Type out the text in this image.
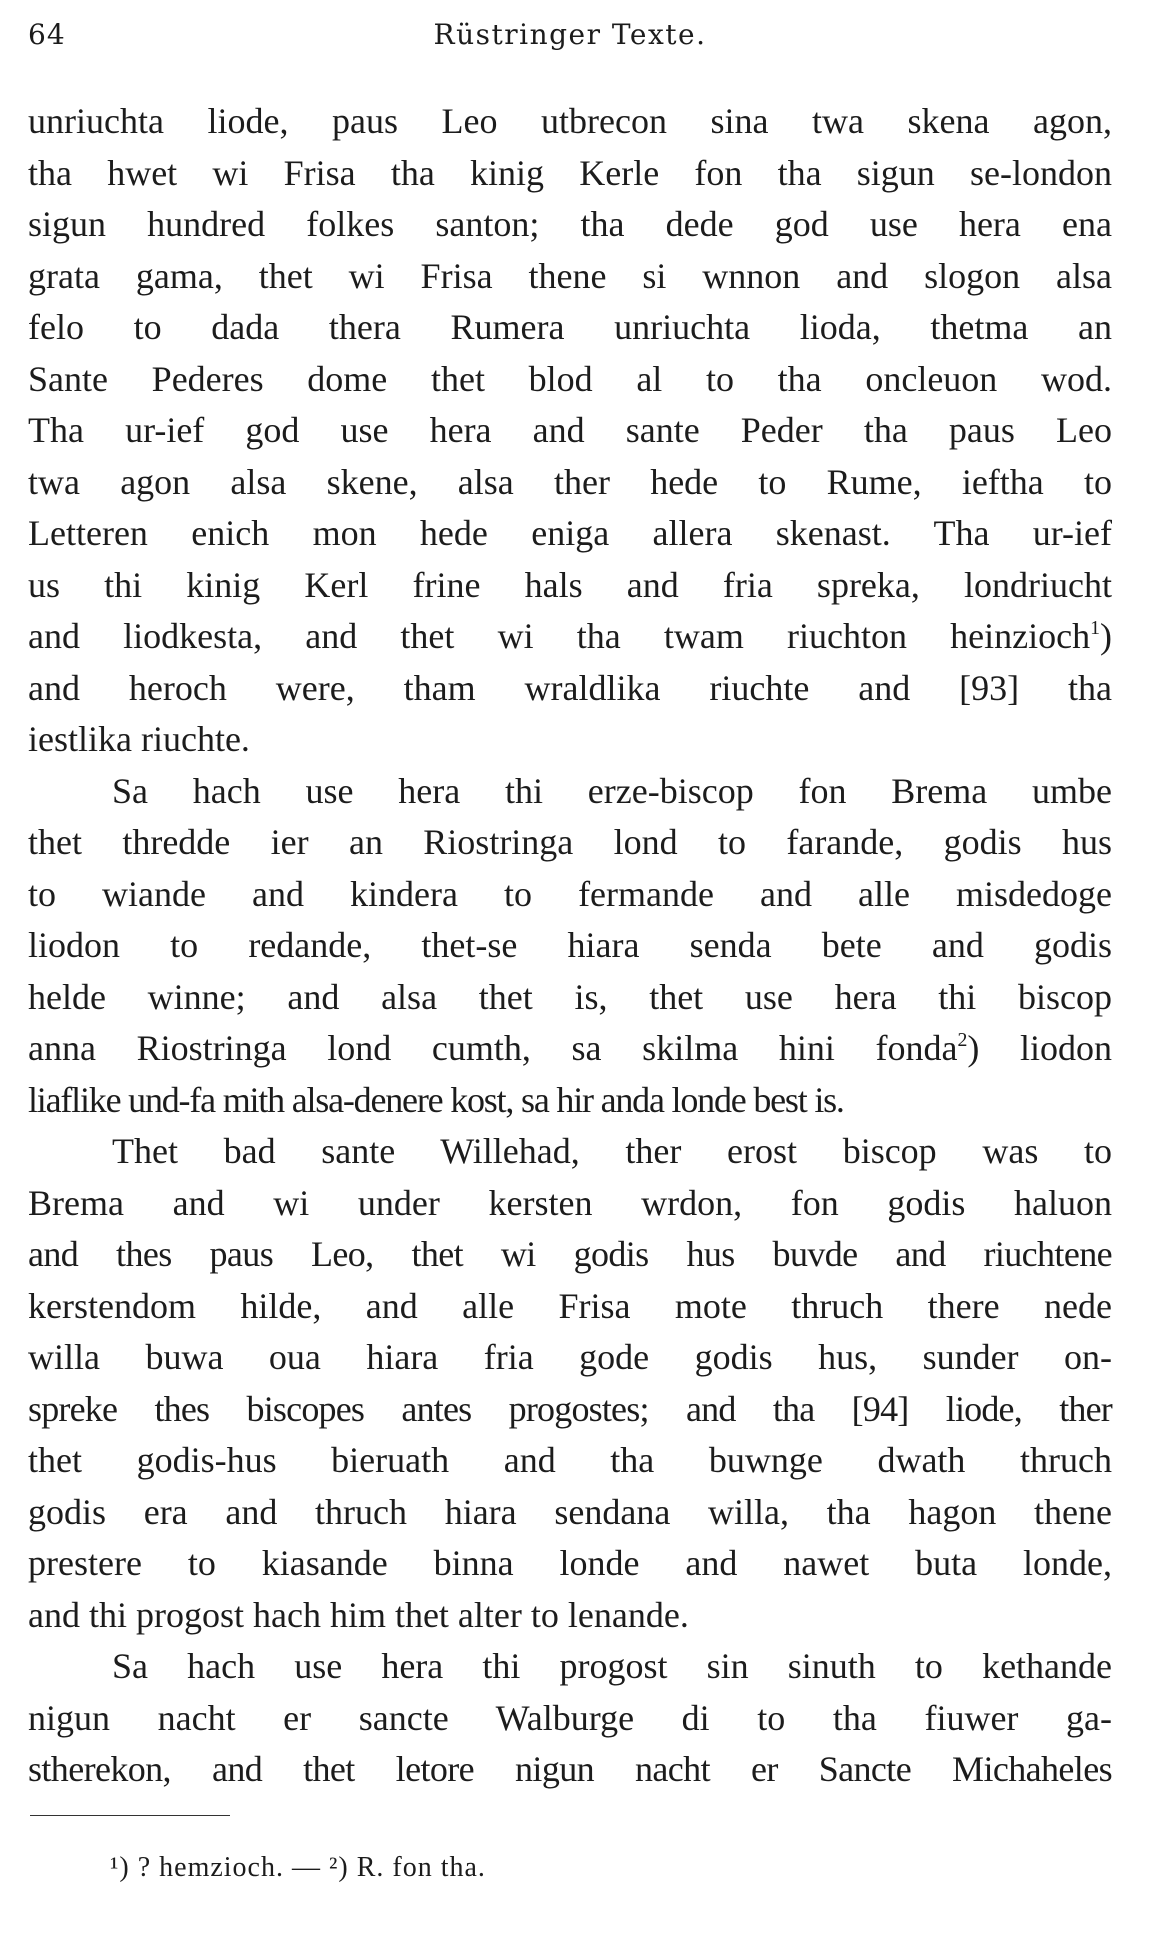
64	Rüstringer Texte.

unriuchta liode, paus Leo utbrecon sina twa skena agon,
tha hwet wi Frisa tha kinig Kerle fon tha sigun se-london
sigun hundred folkes santon; tha dede god use hera ena
grata gama, thet wi Frisa thene si wnnon and slogon alsa
felo to dada thera Rumera unriuchta lioda, thetma an
Sante Pederes dome thet blod al to tha oncleuon wod.
Tha ur-ief god use hera and sante Peder tha paus Leo
twa agon alsa skene, alsa ther hede to Rume, ieftha to
Letteren enich mon hede eniga allera skenast. Tha ur-ief
us thi kinig Kerl frine hals and fria spreka, londriucht
and liodkesta, and thet wi tha twam riuchton heinzioch$^1$)
and heroch were, tham wraldlika riuchte and [93] tha
iestlika riuchte.

Sa hach use hera thi erze-biscop fon Brema umbe
thet thredde ier an Riostringa lond to farande, godis hus
to wiande and kindera to fermande and alle misdedoge
liodon to redande, thet-se hiara senda bete and godis
helde winne; and alsa thet is, thet use hera thi biscop
anna Riostringa lond cumth, sa skilma hini fonda$^2$) liodon
liaflike und-fa mith alsa-denere kost, sa hir anda londe best is.

Thet bad sante Willehad, ther erost biscop was to
Brema and wi under kersten wrdon, fon godis haluon
and thes paus Leo, thet wi godis hus buvde and riuchtene
kerstendom hilde, and alle Frisa mote thruch there nede
willa buwa oua hiara fria gode godis hus, sunder on-
spreke thes biscopes antes progostes; and tha [94] liode, ther
thet godis-hus bieruath and tha buwnge dwath thruch
godis era and thruch hiara sendana willa, tha hagon thene
prestere to kiasande binna londe and nawet buta londe,
and thi progost hach him thet alter to lenande.

Sa hach use hera thi progost sin sinuth to kethande
nigun nacht er sancte Walburge di to tha fiuwer ga-
stherekon, and thet letore nigun nacht er Sancte Michaheles

¹) ? hemzioch. — ²) R. fon tha.
